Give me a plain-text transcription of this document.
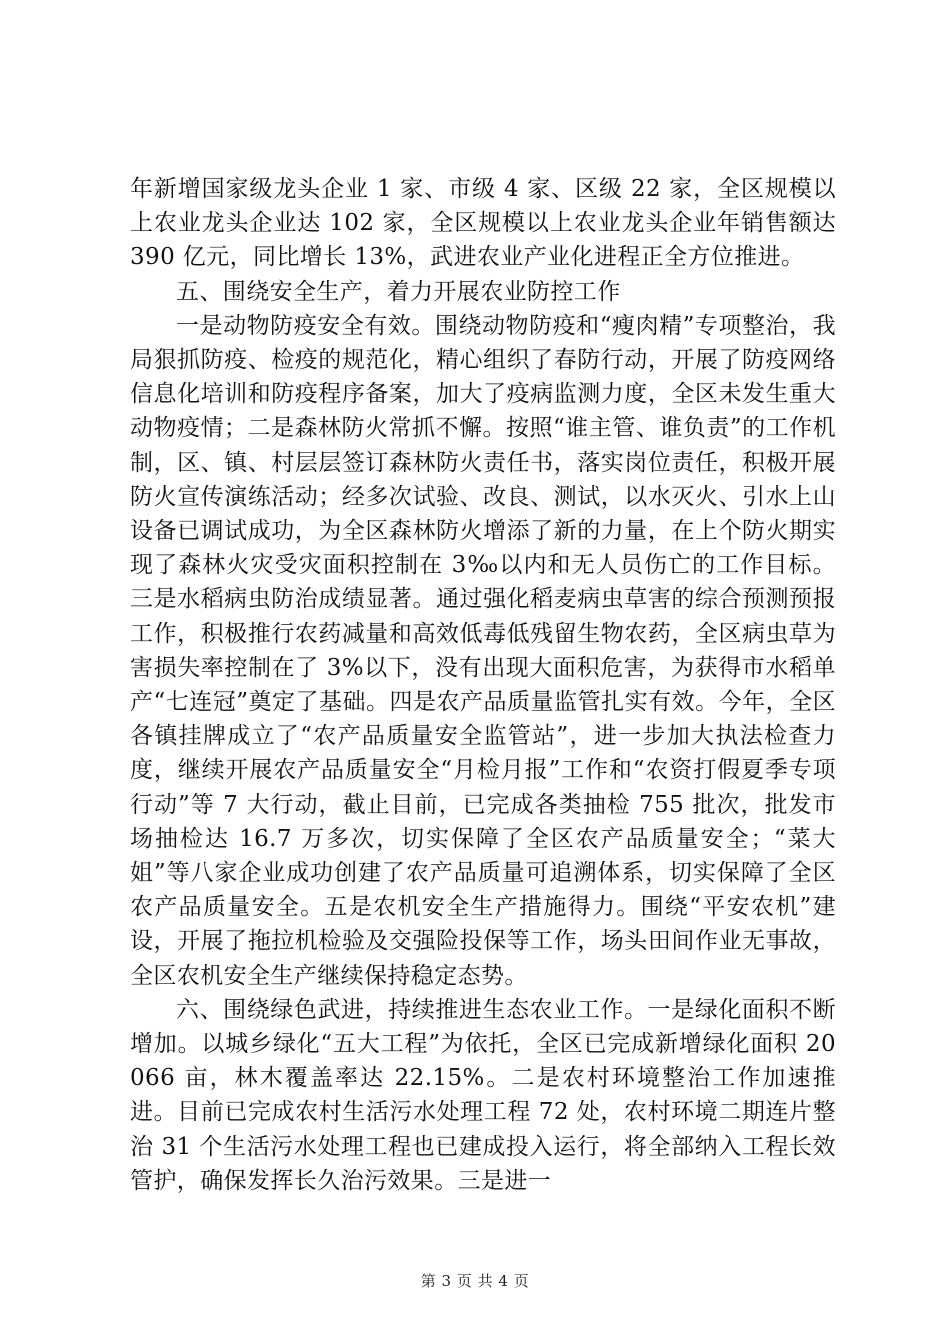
年新增国家级龙头企业 1 家、市级 4 家、区级 22 家，全区规模以上农业龙头企业达 102 家，全区规模以上农业龙头企业年销售额达 390 亿元，同比增长 13%，武进农业产业化进程正全方位推进。

五、围绕安全生产，着力开展农业防控工作

一是动物防疫安全有效。围绕动物防疫和“瘦肉精”专项整治，我局狠抓防疫、检疫的规范化，精心组织了春防行动，开展了防疫网络信息化培训和防疫程序备案，加大了疫病监测力度，全区未发生重大动物疫情；二是森林防火常抓不懈。按照“谁主管、谁负责”的工作机制，区、镇、村层层签订森林防火责任书，落实岗位责任，积极开展防火宣传演练活动；经多次试验、改良、测试，以水灭火、引水上山设备已调试成功，为全区森林防火增添了新的力量，在上个防火期实现了森林火灾受灾面积控制在 3‰以内和无人员伤亡的工作目标。三是水稻病虫防治成绩显著。通过强化稻麦病虫草害的综合预测预报工作，积极推行农药减量和高效低毒低残留生物农药，全区病虫草为害损失率控制在了 3%以下，没有出现大面积危害，为获得市水稻单产“七连冠”奠定了基础。四是农产品质量监管扎实有效。今年，全区各镇挂牌成立了“农产品质量安全监管站”，进一步加大执法检查力度，继续开展农产品质量安全“月检月报”工作和“农资打假夏季专项行动”等 7 大行动，截止目前，已完成各类抽检 755 批次，批发市场抽检达 16.7 万多次，切实保障了全区农产品质量安全；“菜大姐”等八家企业成功创建了农产品质量可追溯体系，切实保障了全区农产品质量安全。五是农机安全生产措施得力。围绕“平安农机”建设，开展了拖拉机检验及交强险投保等工作，场头田间作业无事故，全区农机安全生产继续保持稳定态势。

六、围绕绿色武进，持续推进生态农业工作。一是绿化面积不断增加。以城乡绿化“五大工程”为依托，全区已完成新增绿化面积 20066 亩，林木覆盖率达 22.15%。二是农村环境整治工作加速推进。目前已完成农村生活污水处理工程 72 处，农村环境二期连片整治 31 个生活污水处理工程也已建成投入运行，将全部纳入工程长效管护，确保发挥长久治污效果。三是进一

第 3 页 共 4 页
